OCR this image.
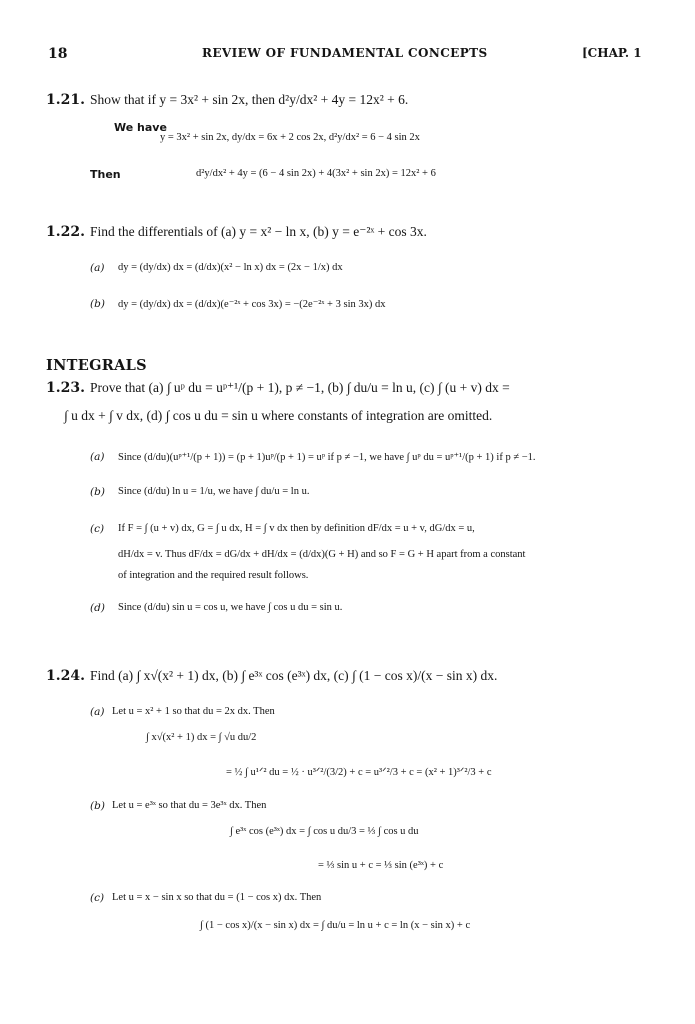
18	REVIEW OF FUNDAMENTAL CONCEPTS	[CHAP. 1
1.21. Show that if y = 3x² + sin 2x, then d²y/dx² + 4y = 12x² + 6.
We have
y = 3x² + sin 2x, dy/dx = 6x + 2 cos 2x, d²y/dx² = 6 − 4 sin 2x
Then	d²y/dx² + 4y = (6 − 4 sin 2x) + 4(3x² + sin 2x) = 12x² + 6
1.22. Find the differentials of (a) y = x² − ln x, (b) y = e⁻²ˣ + cos 3x.
(a) dy = (dy/dx) dx = (d/dx)(x² − ln x) dx = (2x − 1/x) dx
(b) dy = (dy/dx) dx = (d/dx)(e⁻²ˣ + cos 3x) = −(2e⁻²ˣ + 3 sin 3x) dx
INTEGRALS
1.23. Prove that (a) ∫ uᵖ du = uᵖ⁺¹/(p + 1), p ≠ −1, (b) ∫ du/u = ln u, (c) ∫ (u + v) dx =
∫ u dx + ∫ v dx, (d) ∫ cos u du = sin u where constants of integration are omitted.
(a) Since (d/du)(uᵖ⁺¹/(p + 1)) = (p + 1)uᵖ/(p + 1) = uᵖ if p ≠ −1, we have ∫ uᵖ du = uᵖ⁺¹/(p + 1) if p ≠ −1.
(b) Since (d/du) ln u = 1/u, we have ∫ du/u = ln u.
(c) If F = ∫ (u + v) dx, G = ∫ u dx, H = ∫ v dx then by definition dF/dx = u + v, dG/dx = u,
dH/dx = v. Thus dF/dx = dG/dx + dH/dx = (d/dx)(G + H) and so F = G + H apart from a constant
of integration and the required result follows.
(d) Since (d/du) sin u = cos u, we have ∫ cos u du = sin u.
1.24. Find (a) ∫ x√(x² + 1) dx, (b) ∫ e³ˣ cos (e³ˣ) dx, (c) ∫ (1 − cos x)/(x − sin x) dx.
(a) Let u = x² + 1 so that du = 2x dx. Then
∫ x√(x² + 1) dx = ∫ √u du/2
= ½ ∫ u¹ᐟ² du = ½ · u³ᐟ²/(3/2) + c = u³ᐟ²/3 + c = (x² + 1)³ᐟ²/3 + c
(b) Let u = e³ˣ so that du = 3e³ˣ dx. Then
∫ e³ˣ cos (e³ˣ) dx = ∫ cos u du/3 = ⅓ ∫ cos u du
= ⅓ sin u + c = ⅓ sin (e³ˣ) + c
(c) Let u = x − sin x so that du = (1 − cos x) dx. Then
∫ (1 − cos x)/(x − sin x) dx = ∫ du/u = ln u + c = ln (x − sin x) + c
